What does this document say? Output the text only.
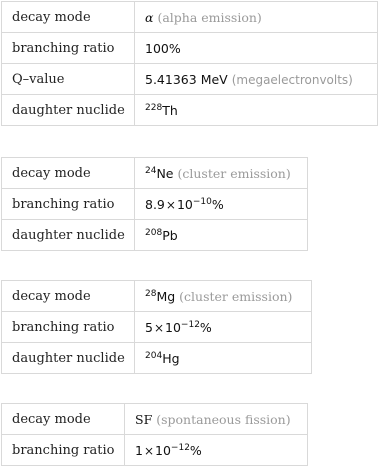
decay mode	α (alpha emission)
branching ratio	100%
Q–value	5.41363 MeV (megaelectronvolts)
daughter nuclide	$^{228}$Th
decay mode	$^{24}$Ne (cluster emission)
branching ratio	$8.9\times 10^{-10}\%$
daughter nuclide	$^{208}$Pb
decay mode	$^{28}$Mg (cluster emission)
branching ratio	$5\times 10^{-12}\%$
daughter nuclide	$^{204}$Hg
decay mode	SF (spontaneous fission)
branching ratio	$1\times 10^{-12}\%$
